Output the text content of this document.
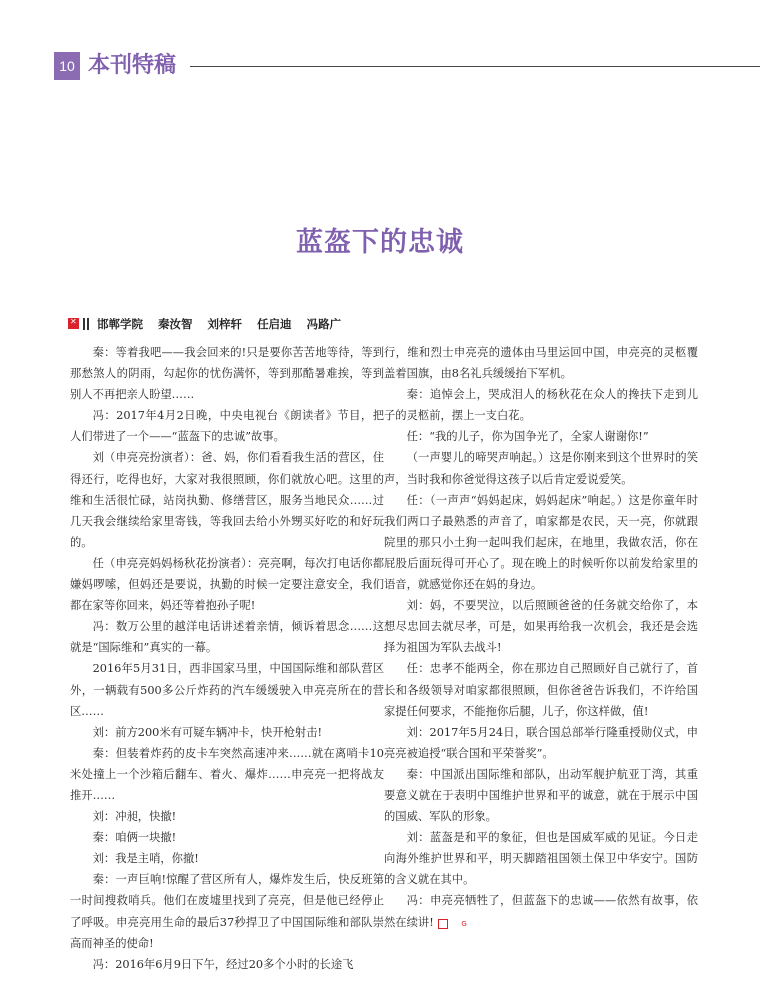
10 本刊特稿
蓝盔下的忠诚
✕ 邯郸学院 秦汝智 刘梓轩 任启迪 冯路广

秦：等着我吧——我会回来的!只是要你苦苦地等待，等到那愁煞人的阴雨，勾起你的忧伤满怀，等到那酷暑难挨，等到别人不再把亲人盼望……

冯：2017年4月2日晚，中央电视台《朗读者》节目，把人们带进了一个——“蓝盔下的忠诚”故事。

刘（申亮亮扮演者）：爸、妈，你们看看我生活的营区，住得还行，吃得也好，大家对我很照顾，你们就放心吧。这里的维和生活很忙碌，站岗执勤、修缮营区，服务当地民众……过几天我会继续给家里寄钱，等我回去给小外甥买好吃的和好玩的。

任（申亮亮妈妈杨秋花扮演者）：亮亮啊，每次打电话你都嫌妈啰嗦，但妈还是要说，执勤的时候一定要注意安全，我们都在家等你回来，妈还等着抱孙子呢!

冯：数万公里的越洋电话讲述着亲情，倾诉着思念……这就是“国际维和”真实的一幕。

2016年5月31日，西非国家马里，中国国际维和部队营区外，一辆载有500多公斤炸药的汽车缓缓驶入申亮亮所在的营区……

刘：前方200米有可疑车辆冲卡，快开枪射击!

秦：但装着炸药的皮卡车突然高速冲来……就在离哨卡10米处撞上一个沙箱后翻车、着火、爆炸……申亮亮一把将战友推开……

刘：冲昶，快撤!

秦：咱俩一块撤!

刘：我是主哨，你撤!

秦：一声巨响!惊醒了营区所有人，爆炸发生后，快反班第一时间搜救哨兵。他们在废墟里找到了亮亮，但是他已经停止了呼吸。申亮亮用生命的最后37秒捍卫了中国国际维和部队崇高而神圣的使命!

冯：2016年6月9日下午，经过20多个小时的长途飞

行，维和烈士申亮亮的遗体由马里运回中国，申亮亮的灵柩覆盖着国旗，由8名礼兵缓缓抬下军机。

秦：追悼会上，哭成泪人的杨秋花在众人的搀扶下走到儿子的灵柩前，摆上一支白花。

任：“我的儿子，你为国争光了，全家人谢谢你!”

（一声婴儿的啼哭声响起。）这是你刚来到这个世界时的笑声，当时我和你爸觉得这孩子以后肯定爱说爱笑。

任：（一声声“妈妈起床，妈妈起床”响起。）这是你童年时我们两口子最熟悉的声音了，咱家都是农民，天一亮，你就跟院里的那只小土狗一起叫我们起床，在地里，我做农活，你在屁股后面玩得可开心了。现在晚上的时候听你以前发给家里的语音，就感觉你还在妈的身边。

刘：妈，不要哭泣，以后照顾爸爸的任务就交给你了，本想尽忠回去就尽孝，可是，如果再给我一次机会，我还是会选择为祖国为军队去战斗!

任：忠孝不能两全，你在那边自己照顾好自己就行了，首长和各级领导对咱家都很照顾，但你爸爸告诉我们，不许给国家提任何要求，不能拖你后腿，儿子，你这样做，值!

刘：2017年5月24日，联合国总部举行隆重授勋仪式，申亮亮被追授“联合国和平荣誉奖”。

秦：中国派出国际维和部队，出动军舰护航亚丁湾，其重要意义就在于表明中国维护世界和平的诚意，就在于展示中国的国威、军队的形象。

刘：蓝盔是和平的象征，但也是国威军威的见证。今日走向海外维护世界和平，明天脚踏祖国领土保卫中华安宁。国防的含义就在其中。

冯：申亮亮牺牲了，但蓝盔下的忠诚——依然有故事，依然在续讲!	G
